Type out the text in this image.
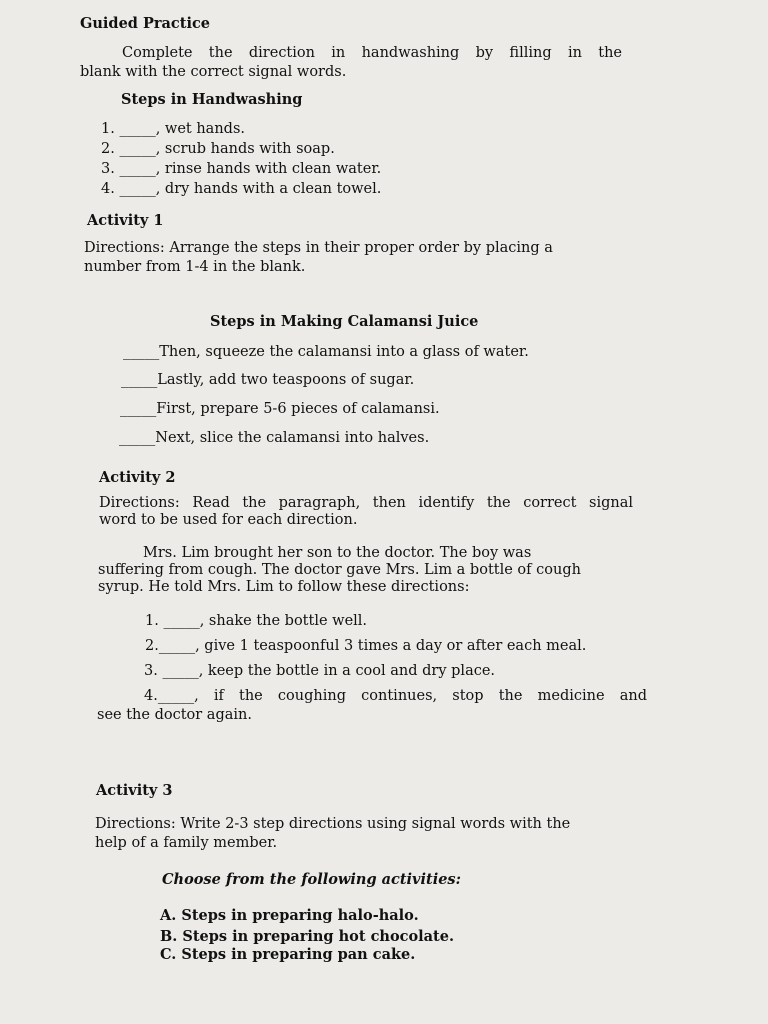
Guided Practice

Complete the direction in handwashing by filling in the

blank with the correct signal words.

Steps in Handwashing

1. _____, wet hands.

2. _____, scrub hands with soap.

3. _____, rinse hands with clean water.

4. _____, dry hands with a clean towel.

Activity 1

Directions: Arrange the steps in their proper order by placing a

number from 1-4 in the blank.

Steps in Making Calamansi Juice

_____Then, squeeze the calamansi into a glass of water.

_____Lastly, add two teaspoons of sugar.

_____First, prepare 5-6 pieces of calamansi.

_____Next, slice the calamansi into halves.

Activity 2

Directions: Read the paragraph, then identify the correct signal

word to be used for each direction.

Mrs. Lim brought her son to the doctor. The boy was

suffering from cough. The doctor gave Mrs. Lim a bottle of cough

syrup. He told Mrs. Lim to follow these directions:

1. _____, shake the bottle well.

2._____, give 1 teaspoonful 3 times a day or after each meal.

3. _____, keep the bottle in a cool and dry place.

4._____, if the coughing continues, stop the medicine and

see the doctor again.

Activity 3

Directions: Write 2-3 step directions using signal words with the

help of a family member.

Choose from the following activities:

A. Steps in preparing halo-halo.

B. Steps in preparing hot chocolate.

C. Steps in preparing pan cake.
